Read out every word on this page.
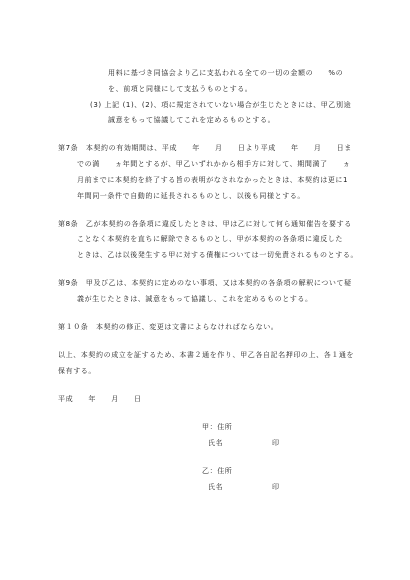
用料に基づき同協会より乙に支払われる全ての一切の金額の　　%の
を、前項と同様にして支払うものとする。
(3) 上記 (1)、(2)、項に規定されていない場合が生じたときには、甲乙別途
誠意をもって協議してこれを定めるものとする。
第7条　本契約の有効期間は、平成　　年　　月　　日より平成　　年　　月　　日ま
での満　　ヵ年間とするが、甲乙いずれかから相手方に対して、期間満了　　ヵ
月前までに本契約を終了する旨の表明がなされなかったときは、本契約は更に1
年間同一条件で自動的に延長されるものとし、以後も同様とする。
第8条　乙が本契約の各条項に違反したときは、甲は乙に対して何ら通知催告を要する
ことなく本契約を直ちに解除できるものとし、甲が本契約の各条項に違反した
ときは、乙は以後発生する甲に対する債権については一切免責されるものとする。
第9条　甲及び乙は、本契約に定めのない事項、又は本契約の各条項の解釈について疑
義が生じたときは、誠意をもって協議し、これを定めるものとする。
第１０条　本契約の修正、変更は文書によらなければならない。
以上、本契約の成立を証するため、本書２通を作り、甲乙各自記名押印の上、各１通を
保有する。
平成　　年　　月　　日
甲：住所
氏名	印
乙：住所
氏名	印
